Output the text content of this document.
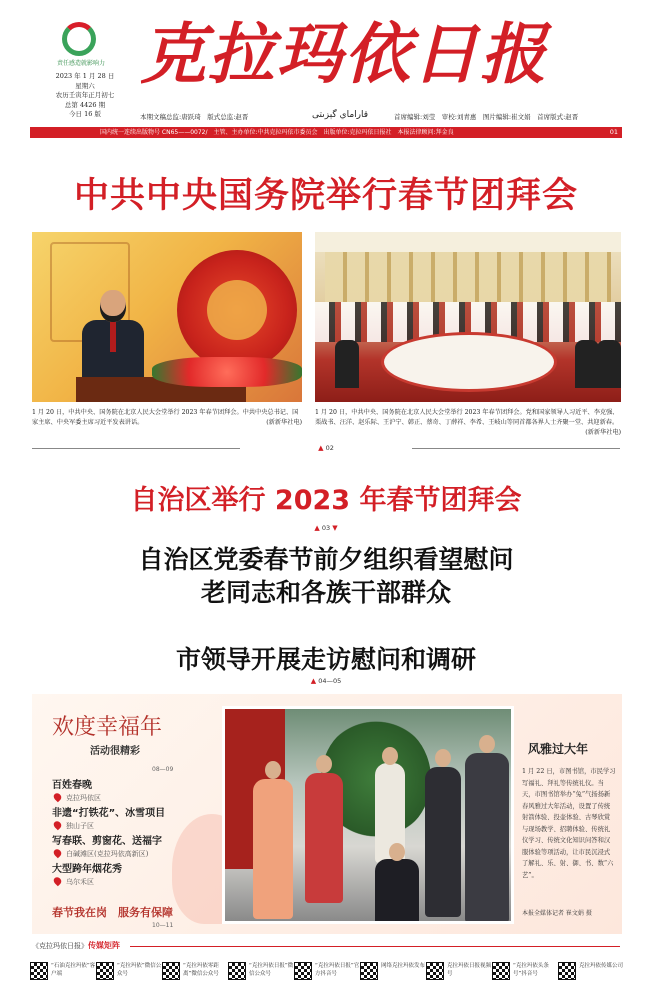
责任感造就影响力
2023 年 1 月 28 日
星期六
农历壬寅年正月初七
总第 4426 期
今日 16 版
克拉玛依日报
本期文稿总监:唐跃琦　版式总监:赵晋	قاراماي گېزىتى	首席编辑:刘莹　审校:刘青惠　图片编辑:崔文娟　首席版式:赵晋
国内统一连续出版物号 CN65——0072/　主管、主办单位:中共克拉玛依市委员会　出版单位:克拉玛依日报社　本报法律顾问:拜金良	01
中共中央国务院举行春节团拜会
1 月 20 日，中共中央、国务院在北京人民大会堂举行 2023 年春节团拜会。中共中央总书记、国家主席、中央军委主席习近平发表讲话。	(新新华社电)
1 月 20 日，中共中央、国务院在北京人民大会堂举行 2023 年春节团拜会。党和国家领导人习近平、李克强、栗战书、汪洋、赵乐际、王沪宁、韩正、蔡奇、丁薛祥、李希、王岐山等同首都各界人士齐聚一堂、共迎新春。
(新新华社电)
▲ 02
自治区举行 2023 年春节团拜会
▲ 03 ▼
自治区党委春节前夕组织看望慰问
老同志和各族干部群众
市领导开展走访慰问和调研
▲ 04—05
欢度幸福年
活动很精彩
08—09
百姓春晚
克拉玛依区
非遗“打铁花”、冰雪项目
独山子区
写春联、剪窗花、送福字
白碱滩区(克拉玛依高新区)
大型跨年烟花秀
乌尔禾区
春节我在岗　服务有保障
10—11
风雅过大年
1 月 22 日，市图书馆，市民学习写福礼、拜礼等传统礼仪。当天，市图书馆举办“兔”气扬扬新春风雅过大年活动，设置了传统射箭体验、投壶体验、古琴欣赏与现场教学、招聘体验、传统礼仪学习、传统文化知识问答和汉服体验等项活动，让市民沉浸式了解礼、乐、射、御、书、数“六艺”。
本报全媒体记者 崔文娟 摄
《克拉玛依日报》传媒矩阵
“石油克拉玛依”客户端
“克拉玛依”微信公众号
“克拉玛依零距离”微信公众号
“克拉玛依日报”微信公众号
“克拉玛依日报”官方抖音号
网络克拉玛依发布	克拉玛依日报视频号
“克拉玛依头条号”抖音号
克拉玛依传媒公司
